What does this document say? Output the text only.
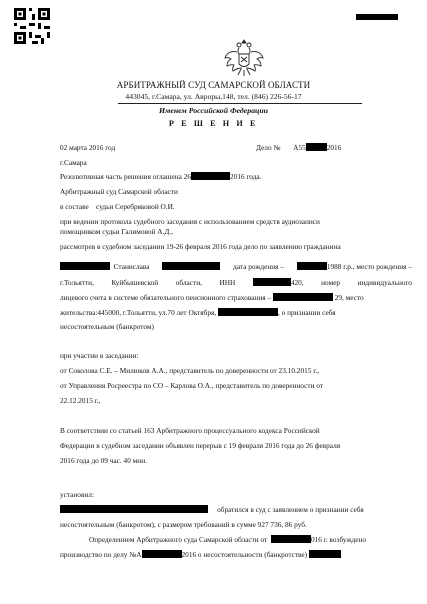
АРБИТРАЖНЫЙ СУД САМАРСКОЙ ОБЛАСТИ
443045, г.Самара, ул. Авроры,148, тел. (846) 226-56-17
Именем Российской Федерации
Р Е Ш Е Н И Е
02 марта 2016 год	Дело № А55	2016
г.Самара
Резолютивная часть решения оглашена 26	2016 года.
Арбитражный суд Самарской области
в составе судьи Серебряковой О.И.
при ведении протокола судебного заседания с использованием средств аудиозаписи
помощником судьи Галимовой А.Д.,
рассмотрев в судебном заседании 19-26 февраля 2016 года дело по заявлению гражданина
Станислава	дата рождения –	1988 г.р., место рождения –
г.Тольятти, Куйбышевской области, ИНН	420, номер индивидуального
лицевого счета в системе обязательного пенсионного страхования –	29, место
жительства:445000, г.Тольятти, ул.70 лет Октября,	, о признании себя
несостоятельным (банкротом)
при участии в заседании:
от Соколова С.Е. – Милюков А.А., представитель по доверенности от 23.10.2015 г.,
от Управления Росреестра по СО – Карлова О.А., представитель по доверенности от
22.12.2015 г.,
В соответствии со статьей 163 Арбитражного процессуального кодекса Российской
Федерации в судебном заседании объявлен перерыв с 19 февраля 2016 года до 26 февраля
2016 года до 09 час. 40 мин.
установил:
обратился в суд с заявлением о признании себя
несостоятельным (банкротом), с размером требований в сумме 927 736, 86 руб.
Определением Арбитражного суда Самарской области от	016 г. возбуждено
производство по делу №А	2016 о несостоятельности (банкротстве)
